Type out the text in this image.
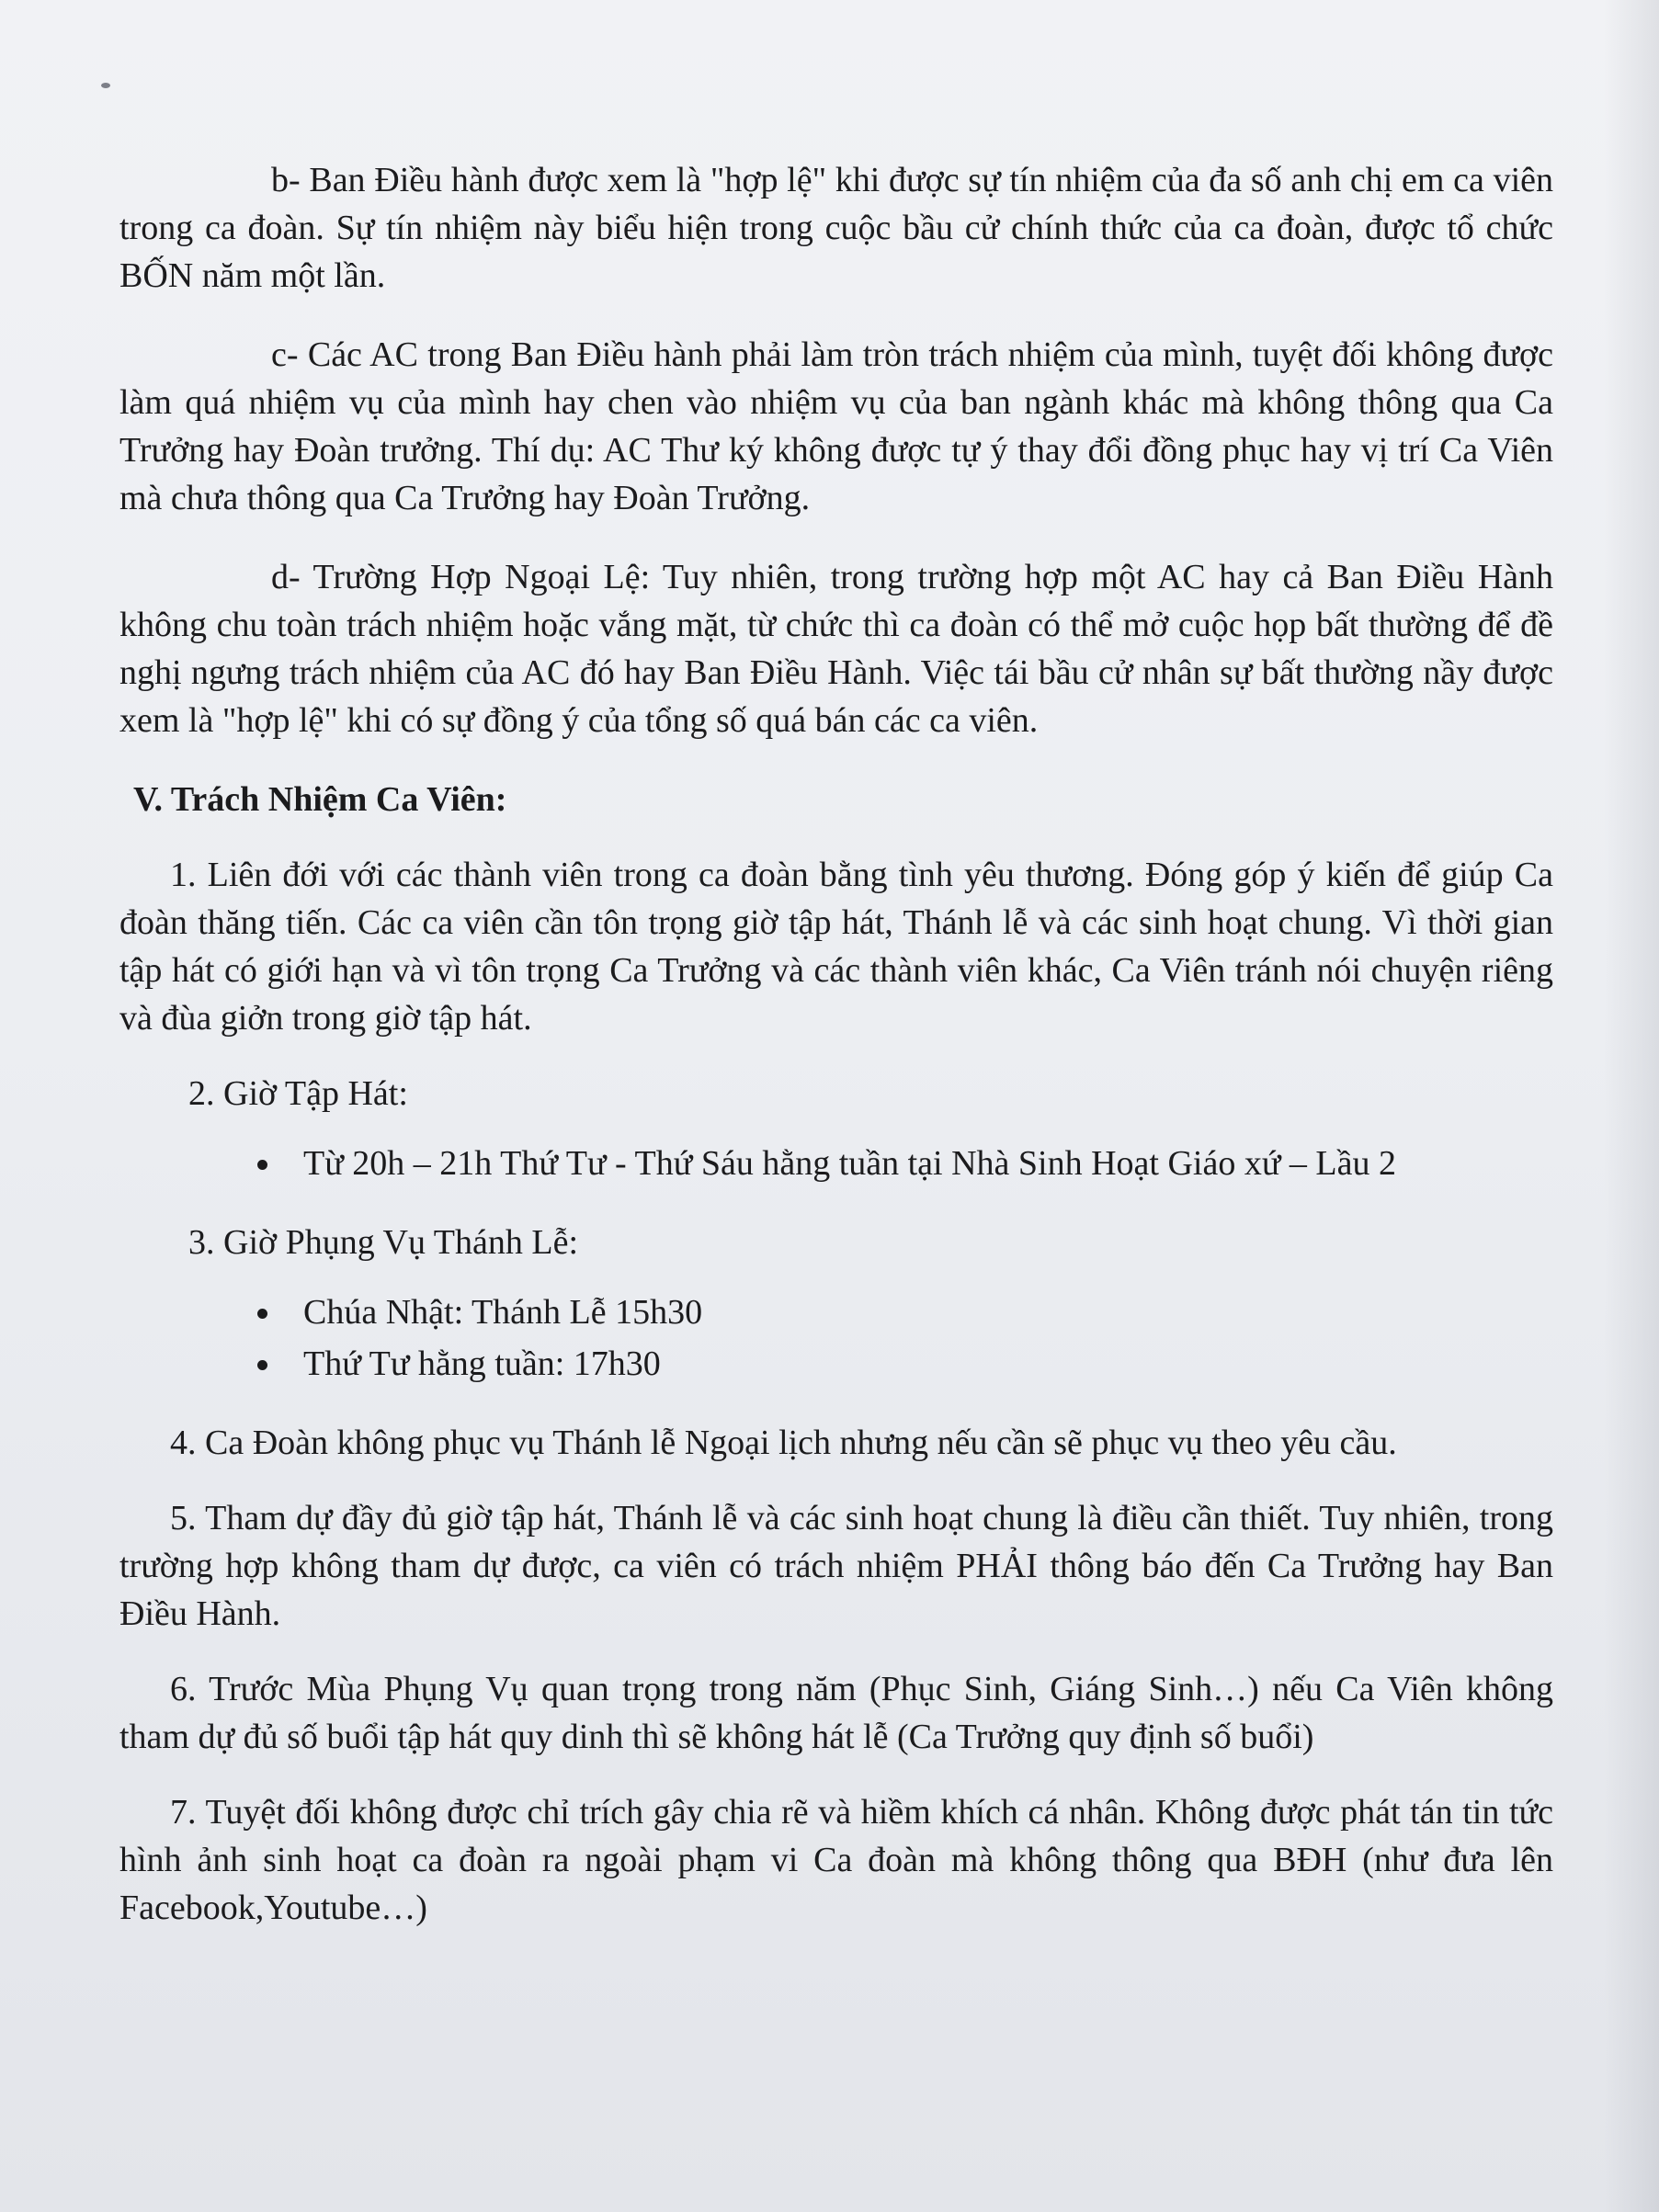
b- Ban Điều hành được xem là "hợp lệ" khi được sự tín nhiệm của đa số anh chị em ca viên trong ca đoàn. Sự tín nhiệm này biểu hiện trong cuộc bầu cử chính thức của ca đoàn, được tổ chức BỐN năm một lần.

c- Các AC trong Ban Điều hành phải làm tròn trách nhiệm của mình, tuyệt đối không được làm quá nhiệm vụ của mình hay chen vào nhiệm vụ của ban ngành khác mà không thông qua Ca Trưởng hay Đoàn trưởng. Thí dụ: AC Thư ký không được tự ý thay đổi đồng phục hay vị trí Ca Viên mà chưa thông qua Ca Trưởng hay Đoàn Trưởng.

d- Trường Hợp Ngoại Lệ: Tuy nhiên, trong trường hợp một AC hay cả Ban Điều Hành không chu toàn trách nhiệm hoặc vắng mặt, từ chức thì ca đoàn có thể mở cuộc họp bất thường để đề nghị ngưng trách nhiệm của AC đó hay Ban Điều Hành. Việc tái bầu cử nhân sự bất thường nầy được xem là "hợp lệ" khi có sự đồng ý của tổng số quá bán các ca viên.

V. Trách Nhiệm Ca Viên:

1. Liên đới với các thành viên trong ca đoàn bằng tình yêu thương. Đóng góp ý kiến để giúp Ca đoàn thăng tiến. Các ca viên cần tôn trọng giờ tập hát, Thánh lễ và các sinh hoạt chung. Vì thời gian tập hát có giới hạn và vì tôn trọng Ca Trưởng và các thành viên khác, Ca Viên tránh nói chuyện riêng và đùa giởn trong giờ tập hát.

2. Giờ Tập Hát:
Từ 20h – 21h Thứ Tư - Thứ Sáu hằng tuần tại Nhà Sinh Hoạt Giáo xứ – Lầu 2
3. Giờ Phụng Vụ Thánh Lễ:
Chúa Nhật: Thánh Lễ 15h30
Thứ Tư hằng tuần: 17h30

4. Ca Đoàn không phục vụ Thánh lễ Ngoại lịch nhưng nếu cần sẽ phục vụ theo yêu cầu.

5. Tham dự đầy đủ giờ tập hát, Thánh lễ và các sinh hoạt chung là điều cần thiết. Tuy nhiên, trong trường hợp không tham dự được, ca viên có trách nhiệm PHẢI thông báo đến Ca Trưởng hay Ban Điều Hành.

6. Trước Mùa Phụng Vụ quan trọng trong năm (Phục Sinh, Giáng Sinh…) nếu Ca Viên không tham dự đủ số buổi tập hát quy dinh thì sẽ không hát lễ (Ca Trưởng quy định số buổi)

7. Tuyệt đối không được chỉ trích gây chia rẽ và hiềm khích cá nhân. Không được phát tán tin tức hình ảnh sinh hoạt ca đoàn ra ngoài phạm vi Ca đoàn mà không thông qua BĐH (như đưa lên Facebook,Youtube…)
